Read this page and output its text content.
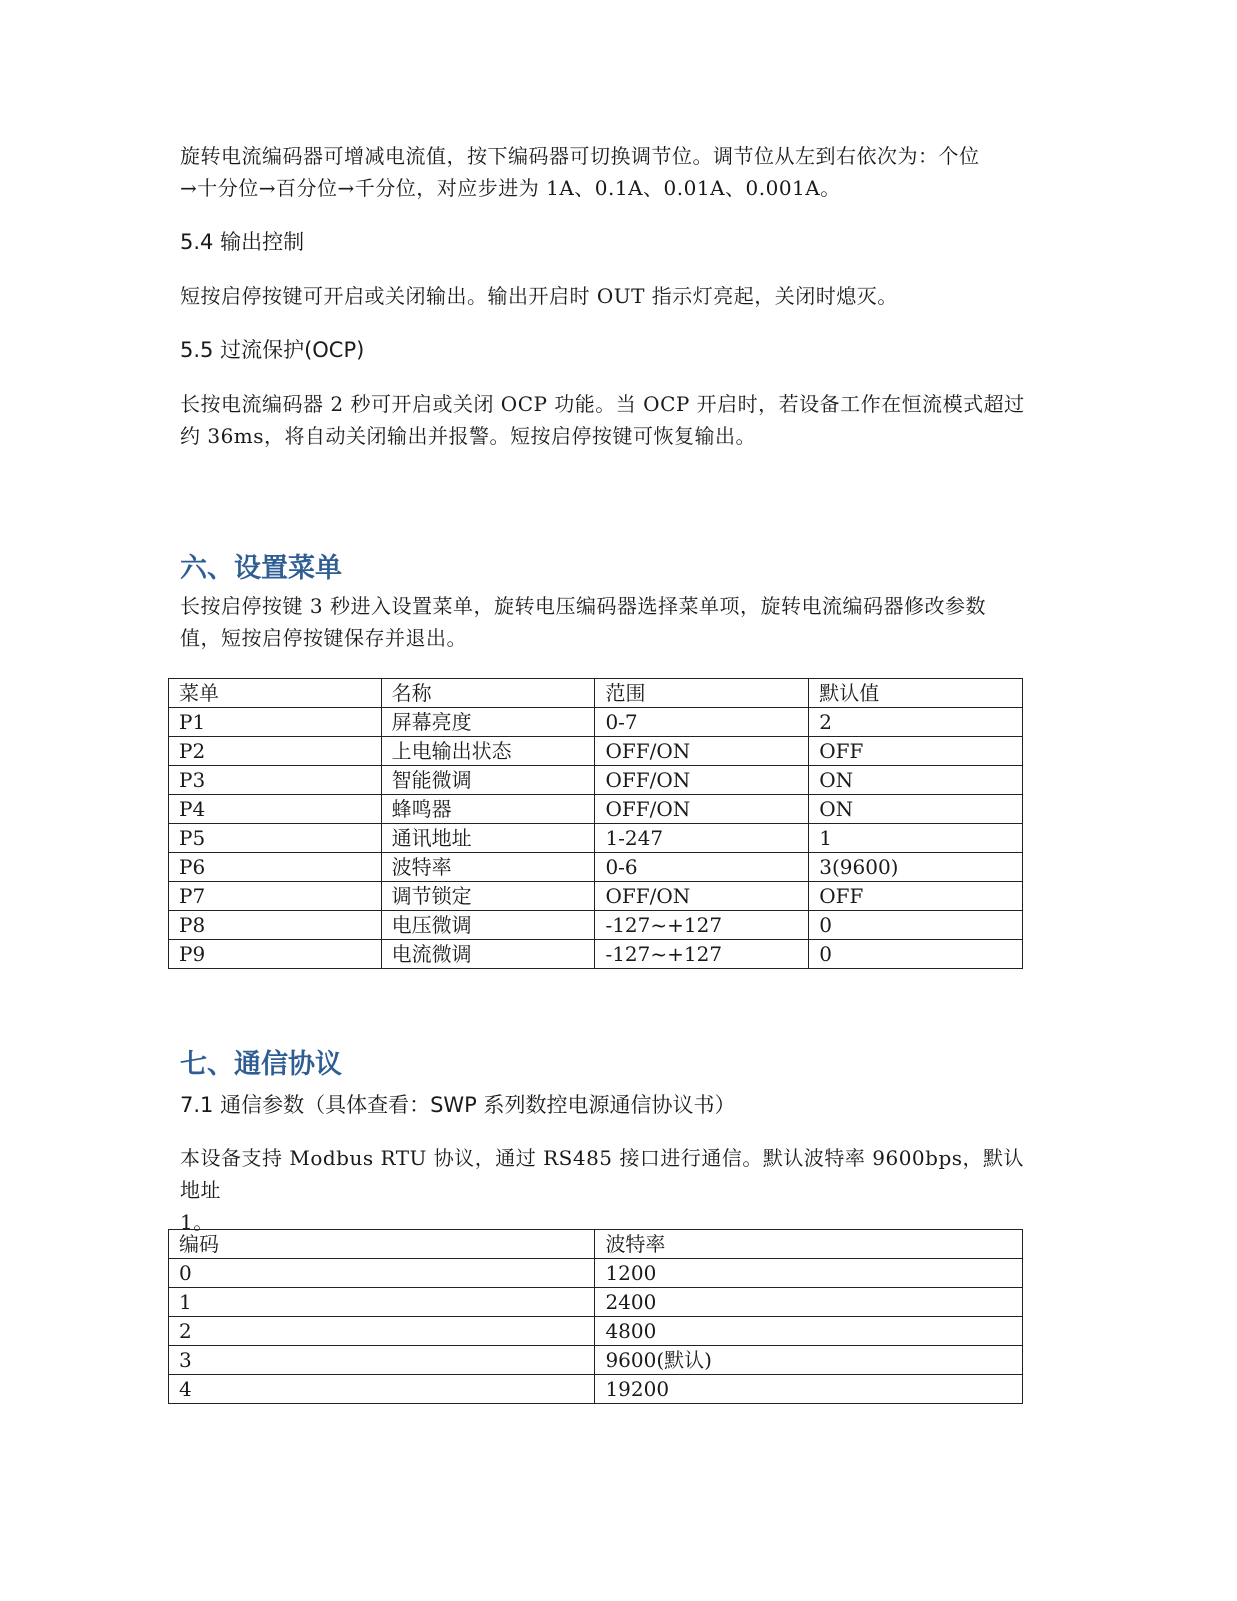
旋转电流编码器可增减电流值，按下编码器可切换调节位。调节位从左到右依次为：个位
→十分位→百分位→千分位，对应步进为 1A、0.1A、0.01A、0.001A。
5.4 输出控制
短按启停按键可开启或关闭输出。输出开启时 OUT 指示灯亮起，关闭时熄灭。
5.5 过流保护(OCP)
长按电流编码器 2 秒可开启或关闭 OCP 功能。当 OCP 开启时，若设备工作在恒流模式超过
约 36ms，将自动关闭输出并报警。短按启停按键可恢复输出。
六、设置菜单
长按启停按键 3 秒进入设置菜单，旋转电压编码器选择菜单项，旋转电流编码器修改参数
值，短按启停按键保存并退出。
七、通信协议
7.1 通信参数（具体查看：SWP 系列数控电源通信协议书）
本设备支持 Modbus RTU 协议，通过 RS485 接口进行通信。默认波特率 9600bps，默认地址
1。
菜单	名称	范围	默认值
P1	屏幕亮度	0-7	2
P2	上电输出状态	OFF/ON	OFF
P3	智能微调	OFF/ON	ON
P4	蜂鸣器	OFF/ON	ON
P5	通讯地址	1-247	1
P6	波特率	0-6	3(9600)
P7	调节锁定	OFF/ON	OFF
P8	电压微调	-127~+127	0
P9	电流微调	-127~+127	0
编码	波特率
0	1200
1	2400
2	4800
3	9600(默认)
4	19200
